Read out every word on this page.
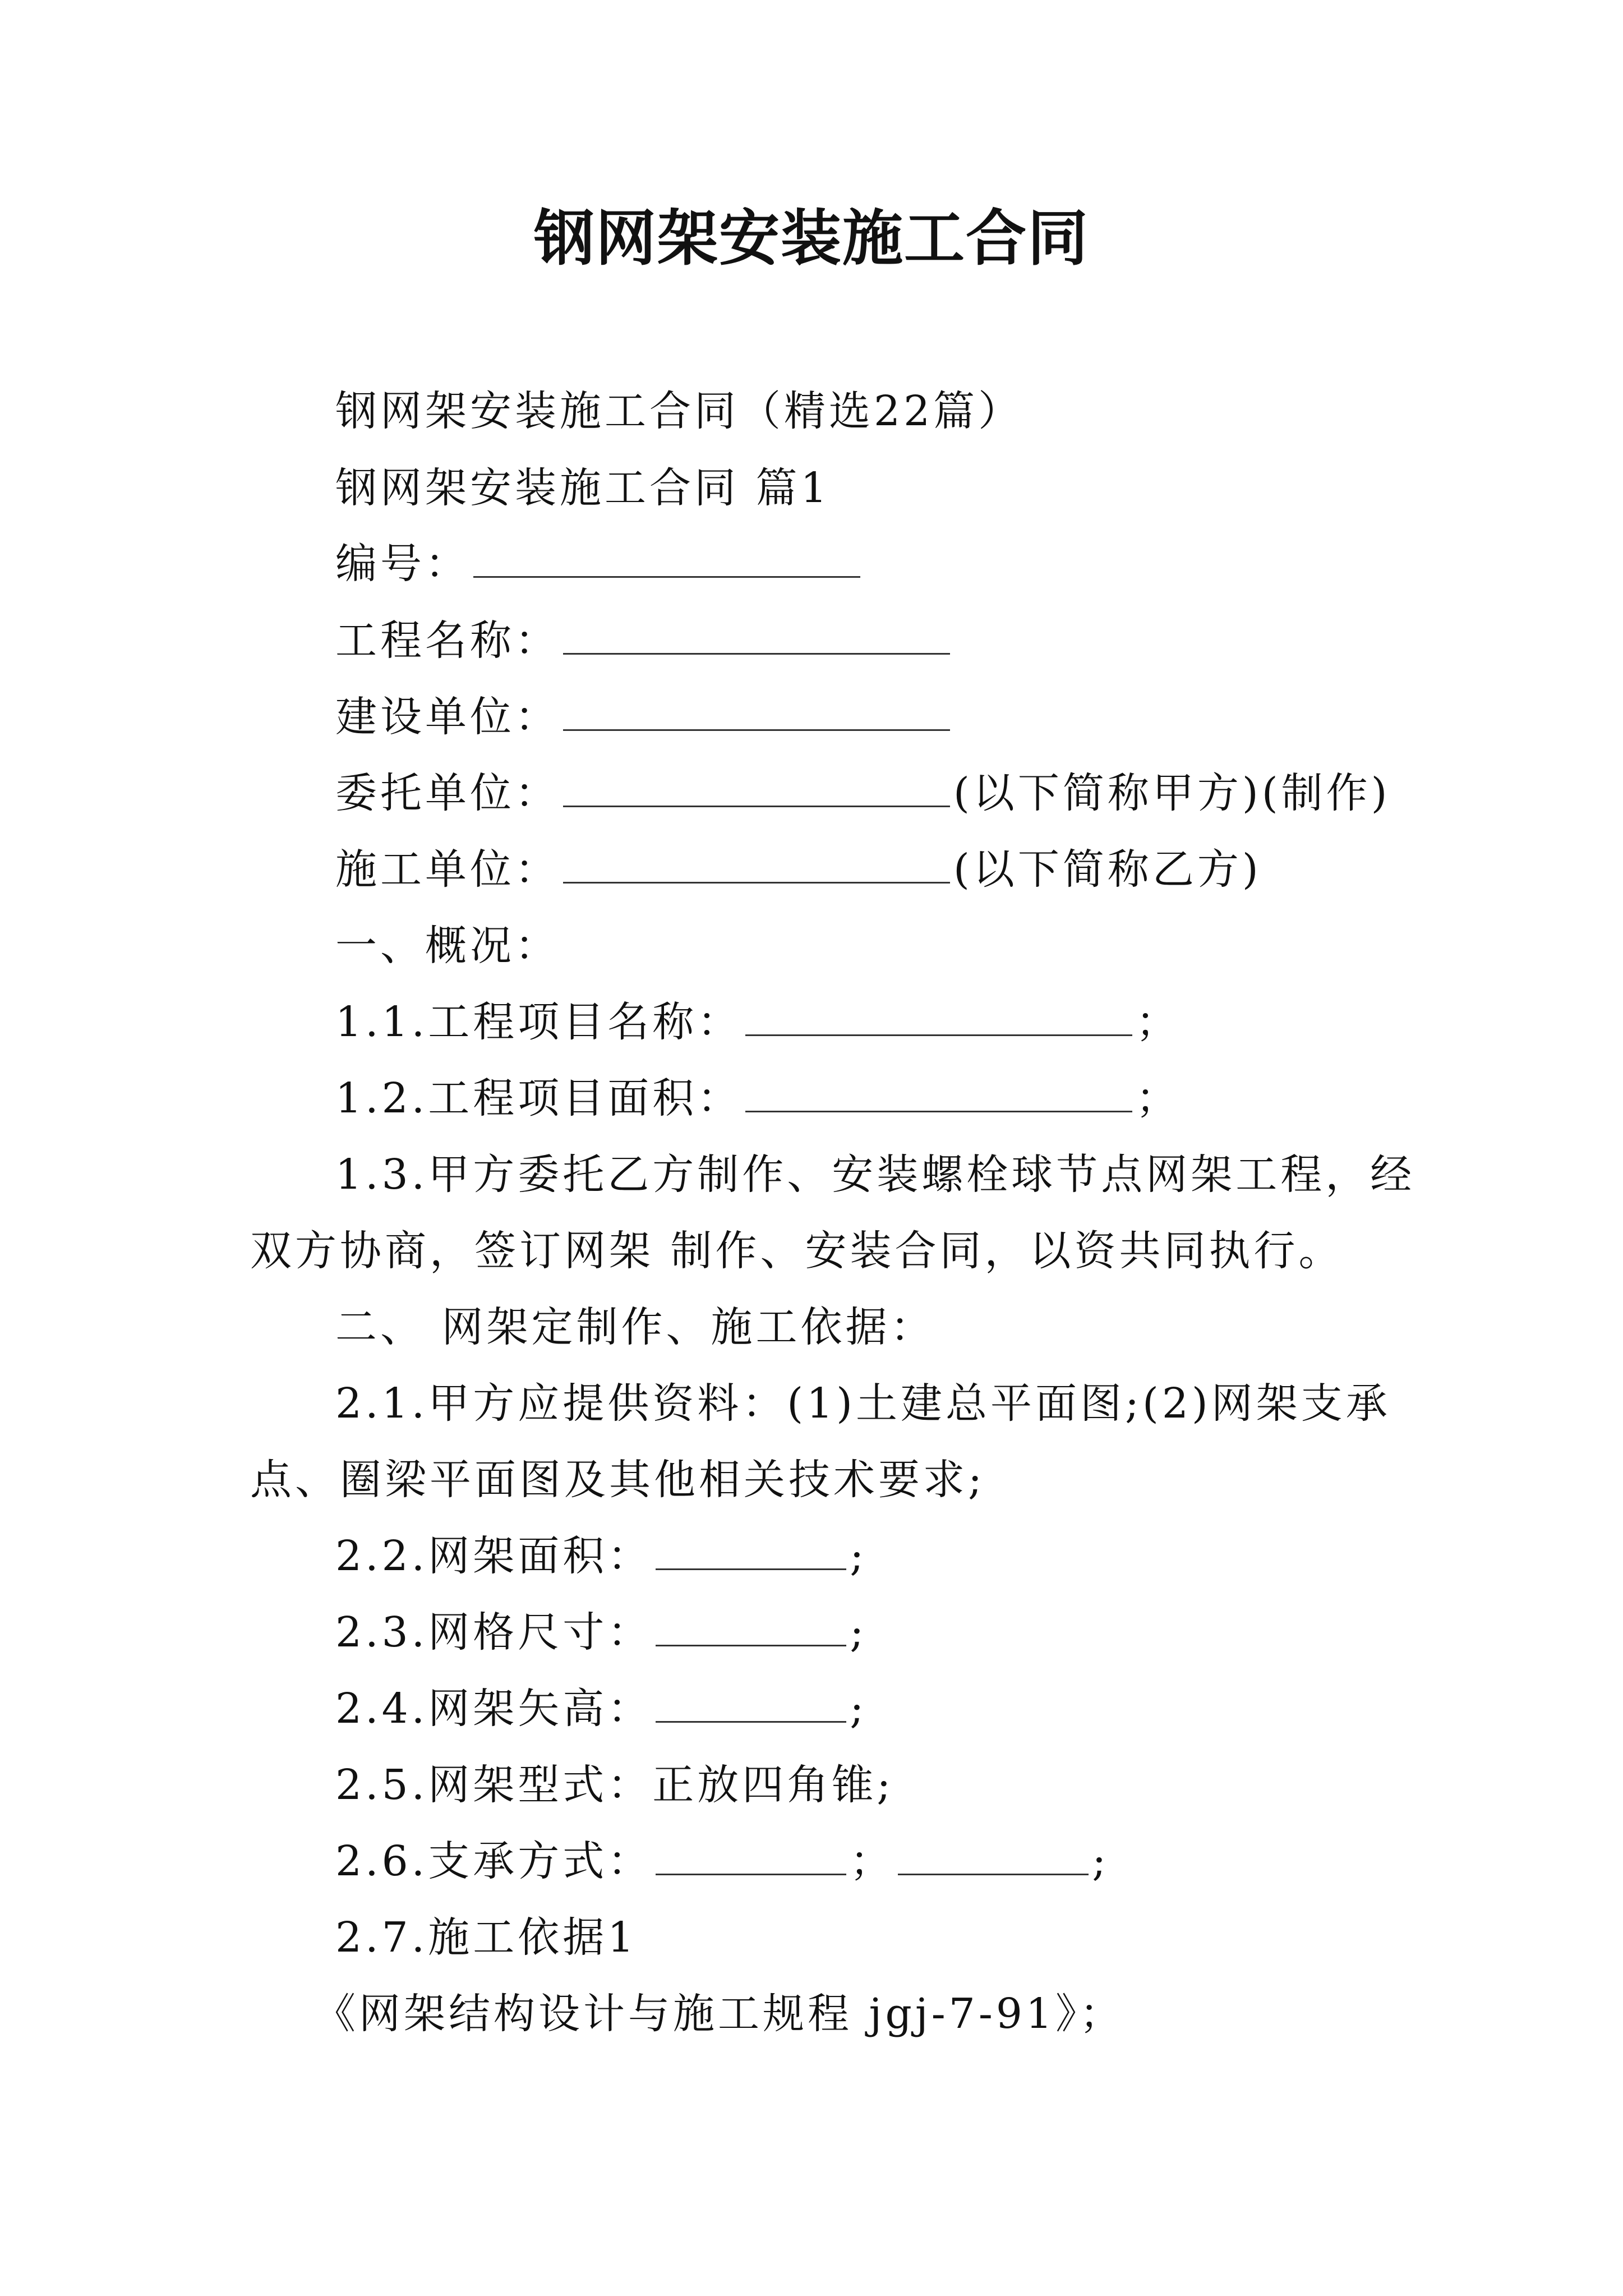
钢网架安装施工合同
钢网架安装施工合同（精选22篇）
钢网架安装施工合同 篇1
编号：
工程名称：
建设单位：
委托单位：	(以下简称甲方)(制作)
施工单位：	(以下简称乙方)
一、概况：
1.1.工程项目名称：	；
1.2.工程项目面积：	；
1.3.甲方委托乙方制作、安装螺栓球节点网架工程，经
双方协商，签订网架 制作、安装合同，以资共同执行。
二、 网架定制作、施工依据：
2.1.甲方应提供资料：(1)土建总平面图;(2)网架支承
点、圈梁平面图及其他相关技术要求;
2.2.网架面积：	;
2.3.网格尺寸：	;
2.4.网架矢高：	;
2.5.网架型式：正放四角锥;
2.6.支承方式：	；	;
2.7.施工依据1
《网架结构设计与施工规程 jgj-7-91》；
